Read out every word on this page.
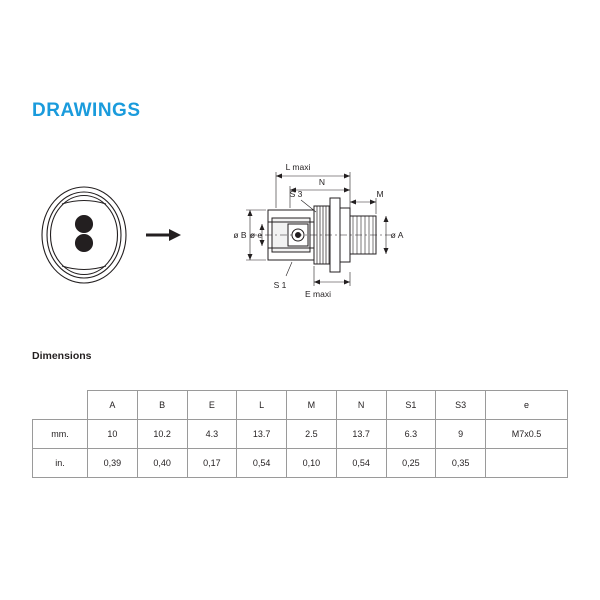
DRAWINGS
L maxi
N
S 3	M
ø B ø e	ø A
S 1
E maxi
Dimensions
	A	B	E	L	M	N	S1	S3	e
mm.	10	10.2	4.3	13.7	2.5	13.7	6.3	9	M7x0.5
in.	0,39	0,40	0,17	0,54	0,10	0,54	0,25	0,35	
